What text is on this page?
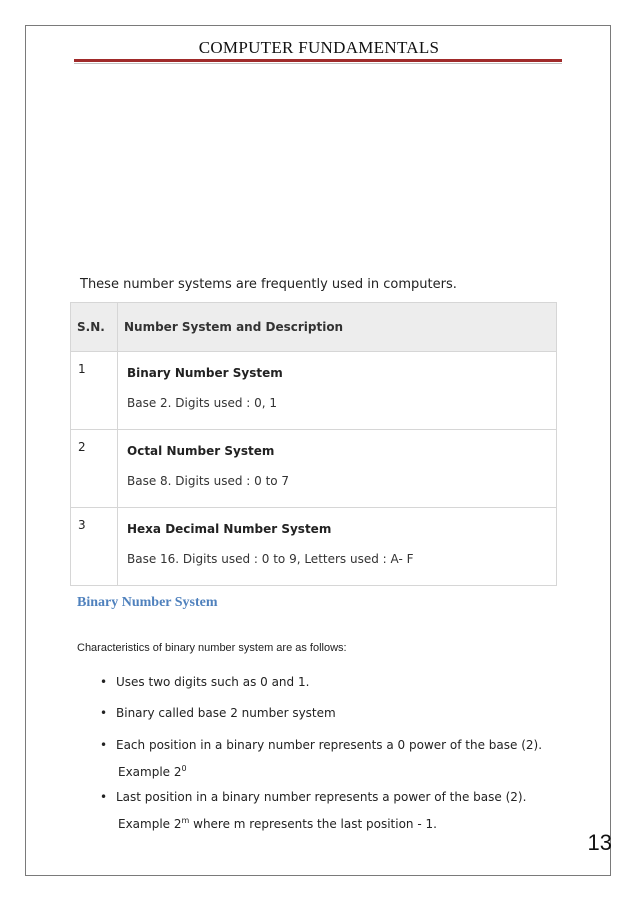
COMPUTER FUNDAMENTALS
These number systems are frequently used in computers.
S.N.	Number System and Description
1	Binary Number System
Base 2. Digits used : 0, 1

2	Octal Number System
Base 8. Digits used : 0 to 7

3	Hexa Decimal Number System
Base 16. Digits used : 0 to 9, Letters used : A- F
Binary Number System
Characteristics of binary number system are as follows:
• Uses two digits such as 0 and 1.
• Binary called base 2 number system
• Each position in a binary number represents a 0 power of the base (2).
Example $2^0$
• Last position in a binary number represents a power of the base (2).
Example 2$^m$ where m represents the last position - 1.
13
